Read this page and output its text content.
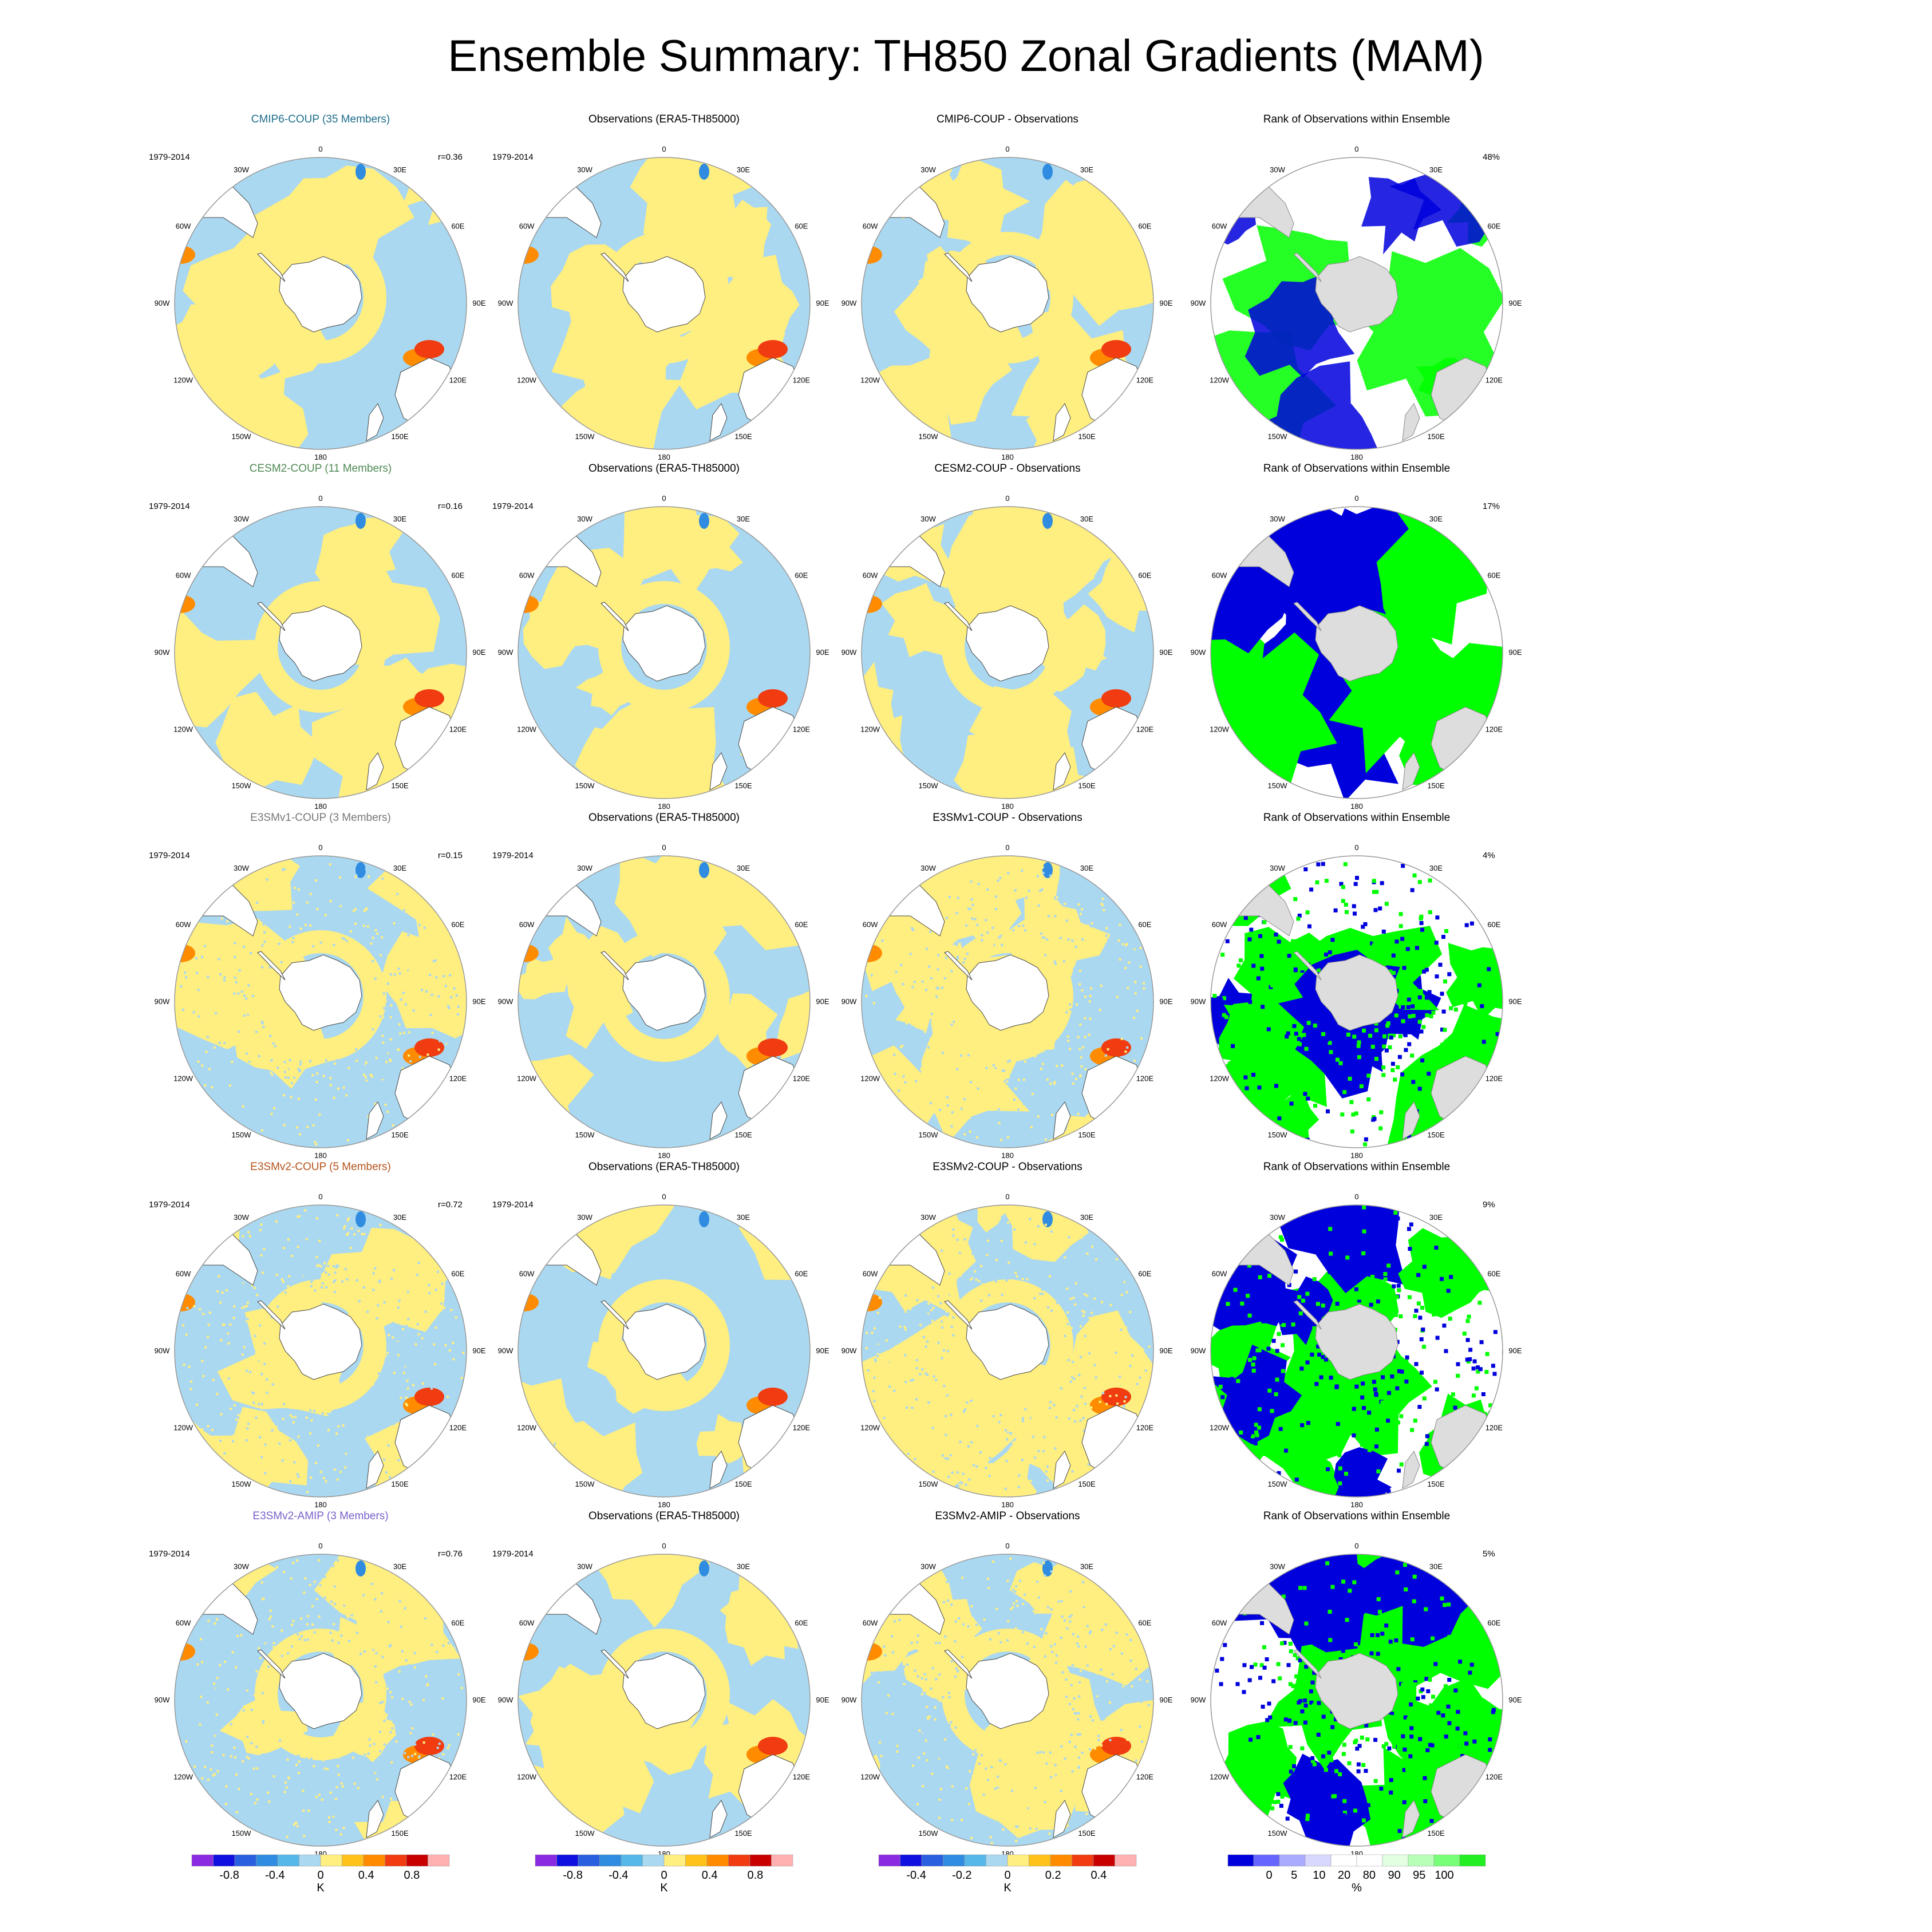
Ensemble Summary: TH850 Zonal Gradients (MAM)
CMIP6-COUP (35 Members)
0
30E
60E
90E
120E
150E
180
150W
120W
90W
60W
30W
1979-2014	r=0.36
Observations (ERA5-TH85000)
0
30E
60E
90E
120E
150E
180
150W
120W
90W
60W
30W
1979-2014
CMIP6-COUP - Observations
0
30E
60E
90E
120E
150E
180
150W
120W
90W
60W
30W
Rank of Observations within Ensemble
0
30E
60E
90E
120E
150E
180
150W
120W
90W
60W
30W
48%
CESM2-COUP (11 Members)
0
30E
60E
90E
120E
150E
180
150W
120W
90W
60W
30W
1979-2014	r=0.16
Observations (ERA5-TH85000)
0
30E
60E
90E
120E
150E
180
150W
120W
90W
60W
30W
1979-2014
CESM2-COUP - Observations
0
30E
60E
90E
120E
150E
180
150W
120W
90W
60W
30W
Rank of Observations within Ensemble
0
30E
60E
90E
120E
150E
180
150W
120W
90W
60W
30W
17%
E3SMv1-COUP (3 Members)
0
30E
60E
90E
120E
150E
180
150W
120W
90W
60W
30W
1979-2014	r=0.15
Observations (ERA5-TH85000)
0
30E
60E
90E
120E
150E
180
150W
120W
90W
60W
30W
1979-2014
E3SMv1-COUP - Observations
0
30E
60E
90E
120E
150E
180
150W
120W
90W
60W
30W
Rank of Observations within Ensemble
0
30E
60E
90E
120E
150E
180
150W
120W
90W
60W
30W
4%
E3SMv2-COUP (5 Members)
0
30E
60E
90E
120E
150E
180
150W
120W
90W
60W
30W
1979-2014	r=0.72
Observations (ERA5-TH85000)
0
30E
60E
90E
120E
150E
180
150W
120W
90W
60W
30W
1979-2014
E3SMv2-COUP - Observations
0
30E
60E
90E
120E
150E
180
150W
120W
90W
60W
30W
Rank of Observations within Ensemble
0
30E
60E
90E
120E
150E
180
150W
120W
90W
60W
30W
9%
E3SMv2-AMIP (3 Members)
0
30E
60E
90E
120E
150E
180
150W
120W
90W
60W
30W
1979-2014	r=0.76
Observations (ERA5-TH85000)
0
30E
60E
90E
120E
150E
180
150W
120W
90W
60W
30W
1979-2014
E3SMv2-AMIP - Observations
0
30E
60E
90E
120E
150E
180
150W
120W
90W
60W
30W
Rank of Observations within Ensemble
0
30E
60E
90E
120E
150E
180
150W
120W
90W
60W
30W
5%
-0.8 -0.4	0	0.4	0.8
K
-0.8 -0.4	0	0.4	0.8
K
-0.4 -0.2	0	0.2	0.4
K
0 5 10 20 80 90 95 100
%
